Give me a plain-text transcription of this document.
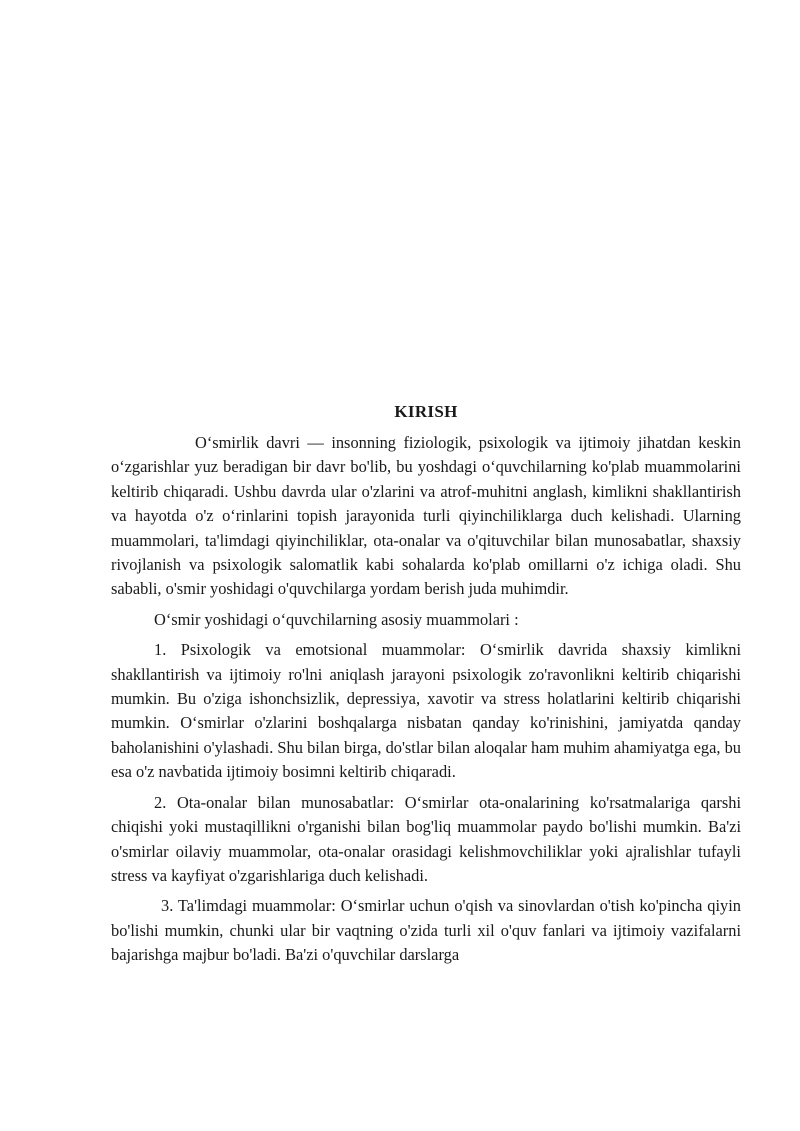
KIRISH

O‘smirlik davri — insonning fiziologik, psixologik va ijtimoiy jihatdan keskin o‘zgarishlar yuz beradigan bir davr bo'lib, bu yoshdagi o‘quvchilarning ko'plab muammolarini keltirib chiqaradi. Ushbu davrda ular o'zlarini va atrof-muhitni anglash, kimlikni shakllantirish va hayotda o'z o‘rinlarini topish jarayonida turli qiyinchiliklarga duch kelishadi. Ularning muammolari, ta'limdagi qiyinchiliklar, ota-onalar va o'qituvchilar bilan munosabatlar, shaxsiy rivojlanish va psixologik salomatlik kabi sohalarda ko'plab omillarni o'z ichiga oladi. Shu sababli, o'smir yoshidagi o'quvchilarga yordam berish juda muhimdir.

O‘smir yoshidagi o‘quvchilarning asosiy muammolari :

1. Psixologik va emotsional muammolar: O‘smirlik davrida shaxsiy kimlikni shakllantirish va ijtimoiy ro'lni aniqlash jarayoni psixologik zo'ravonlikni keltirib chiqarishi mumkin. Bu o'ziga ishonchsizlik, depressiya, xavotir va stress holatlarini keltirib chiqarishi mumkin. O‘smirlar o'zlarini boshqalarga nisbatan qanday ko'rinishini, jamiyatda qanday baholanishini o'ylashadi. Shu bilan birga, do'stlar bilan aloqalar ham muhim ahamiyatga ega, bu esa o'z navbatida ijtimoiy bosimni keltirib chiqaradi.

2. Ota-onalar bilan munosabatlar: O‘smirlar ota-onalarining ko'rsatmalariga qarshi chiqishi yoki mustaqillikni o'rganishi bilan bog'liq muammolar paydo bo'lishi mumkin. Ba'zi o'smirlar oilaviy muammolar, ota-onalar orasidagi kelishmovchiliklar yoki ajralishlar tufayli stress va kayfiyat o'zgarishlariga duch kelishadi.

3. Ta'limdagi muammolar: O‘smirlar uchun o'qish va sinovlardan o'tish ko'pincha qiyin bo'lishi mumkin, chunki ular bir vaqtning o'zida turli xil o'quv fanlari va ijtimoiy vazifalarni bajarishga majbur bo'ladi. Ba'zi o'quvchilar darslarga
